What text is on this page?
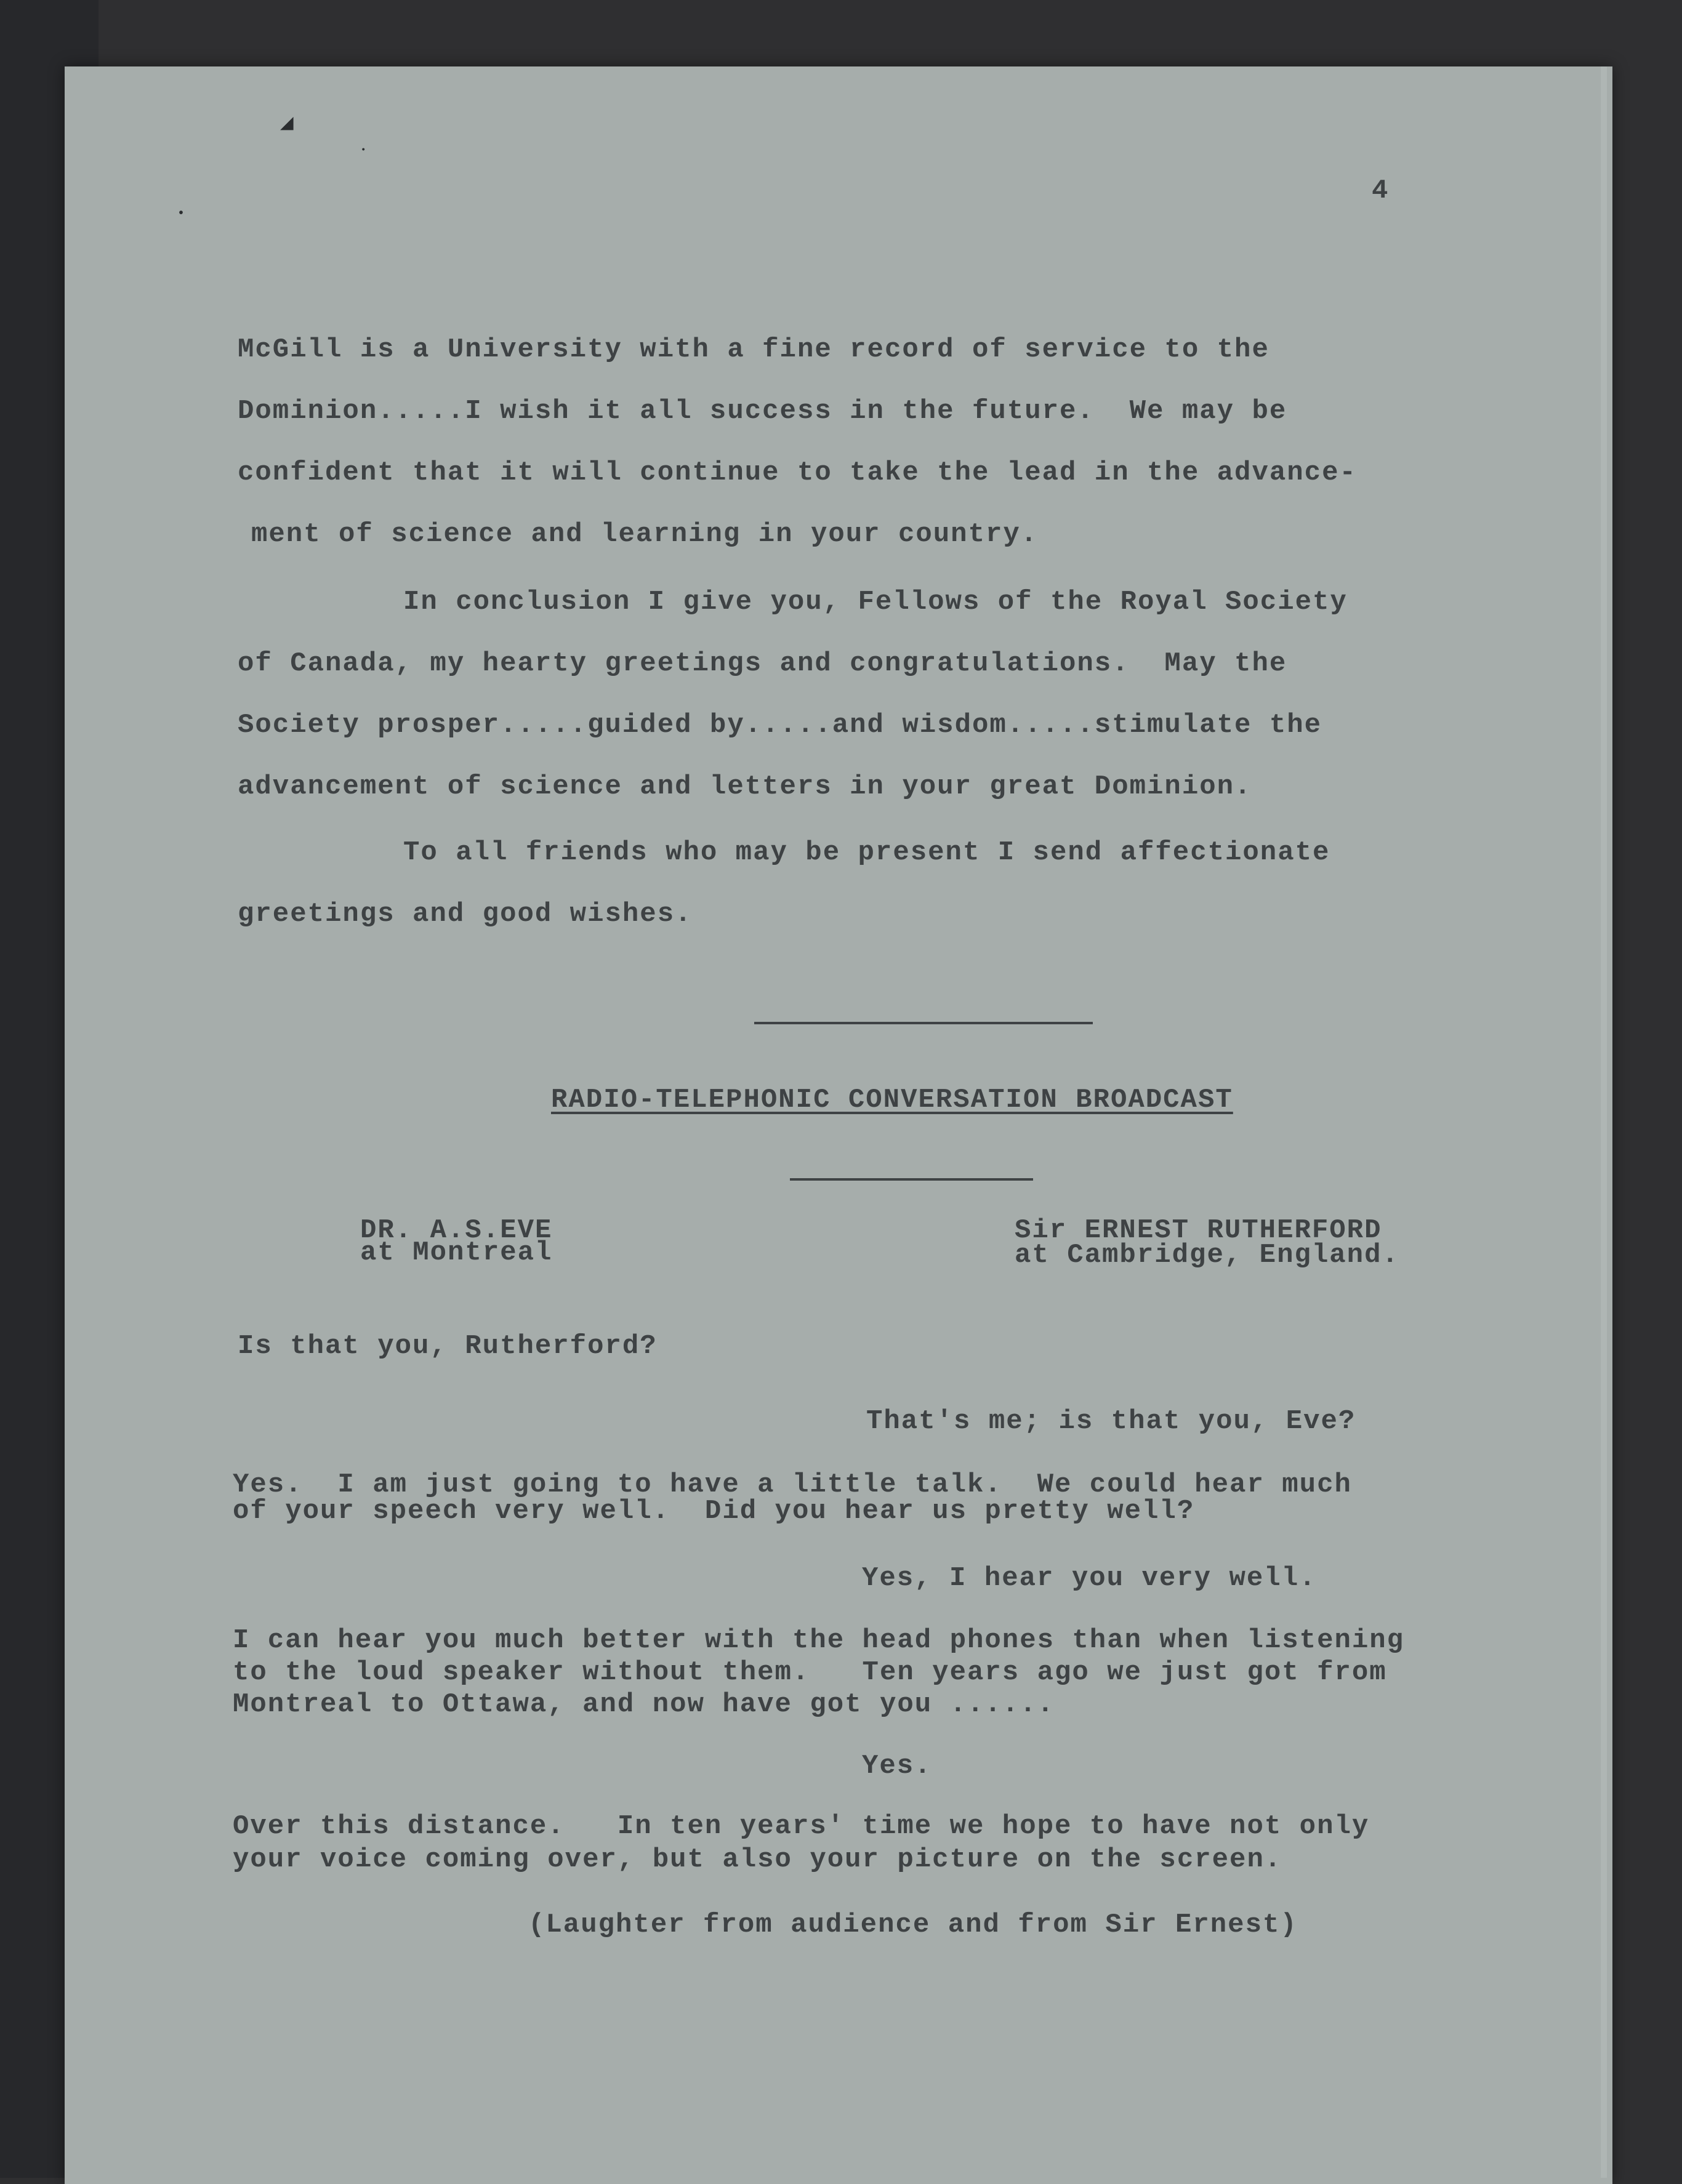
◢
•
•
4
McGill is a University with a fine record of service to the
Dominion.....I wish it all success in the future.  We may be
confident that it will continue to take the lead in the advance-
ment of science and learning in your country.
In conclusion I give you, Fellows of the Royal Society
of Canada, my hearty greetings and congratulations.  May the
Society prosper.....guided by.....and wisdom.....stimulate the
advancement of science and letters in your great Dominion.
To all friends who may be present I send affectionate
greetings and good wishes.
RADIO-TELEPHONIC CONVERSATION BROADCAST
DR. A.S.EVE
at Montreal
Sir ERNEST RUTHERFORD
at Cambridge, England.
Is that you, Rutherford?
That's me; is that you, Eve?
Yes.  I am just going to have a little talk.  We could hear much
of your speech very well.  Did you hear us pretty well?
Yes, I hear you very well.
I can hear you much better with the head phones than when listening
to the loud speaker without them.   Ten years ago we just got from
Montreal to Ottawa, and now have got you ......
Yes.
Over this distance.   In ten years' time we hope to have not only
your voice coming over, but also your picture on the screen.
(Laughter from audience and from Sir Ernest)
